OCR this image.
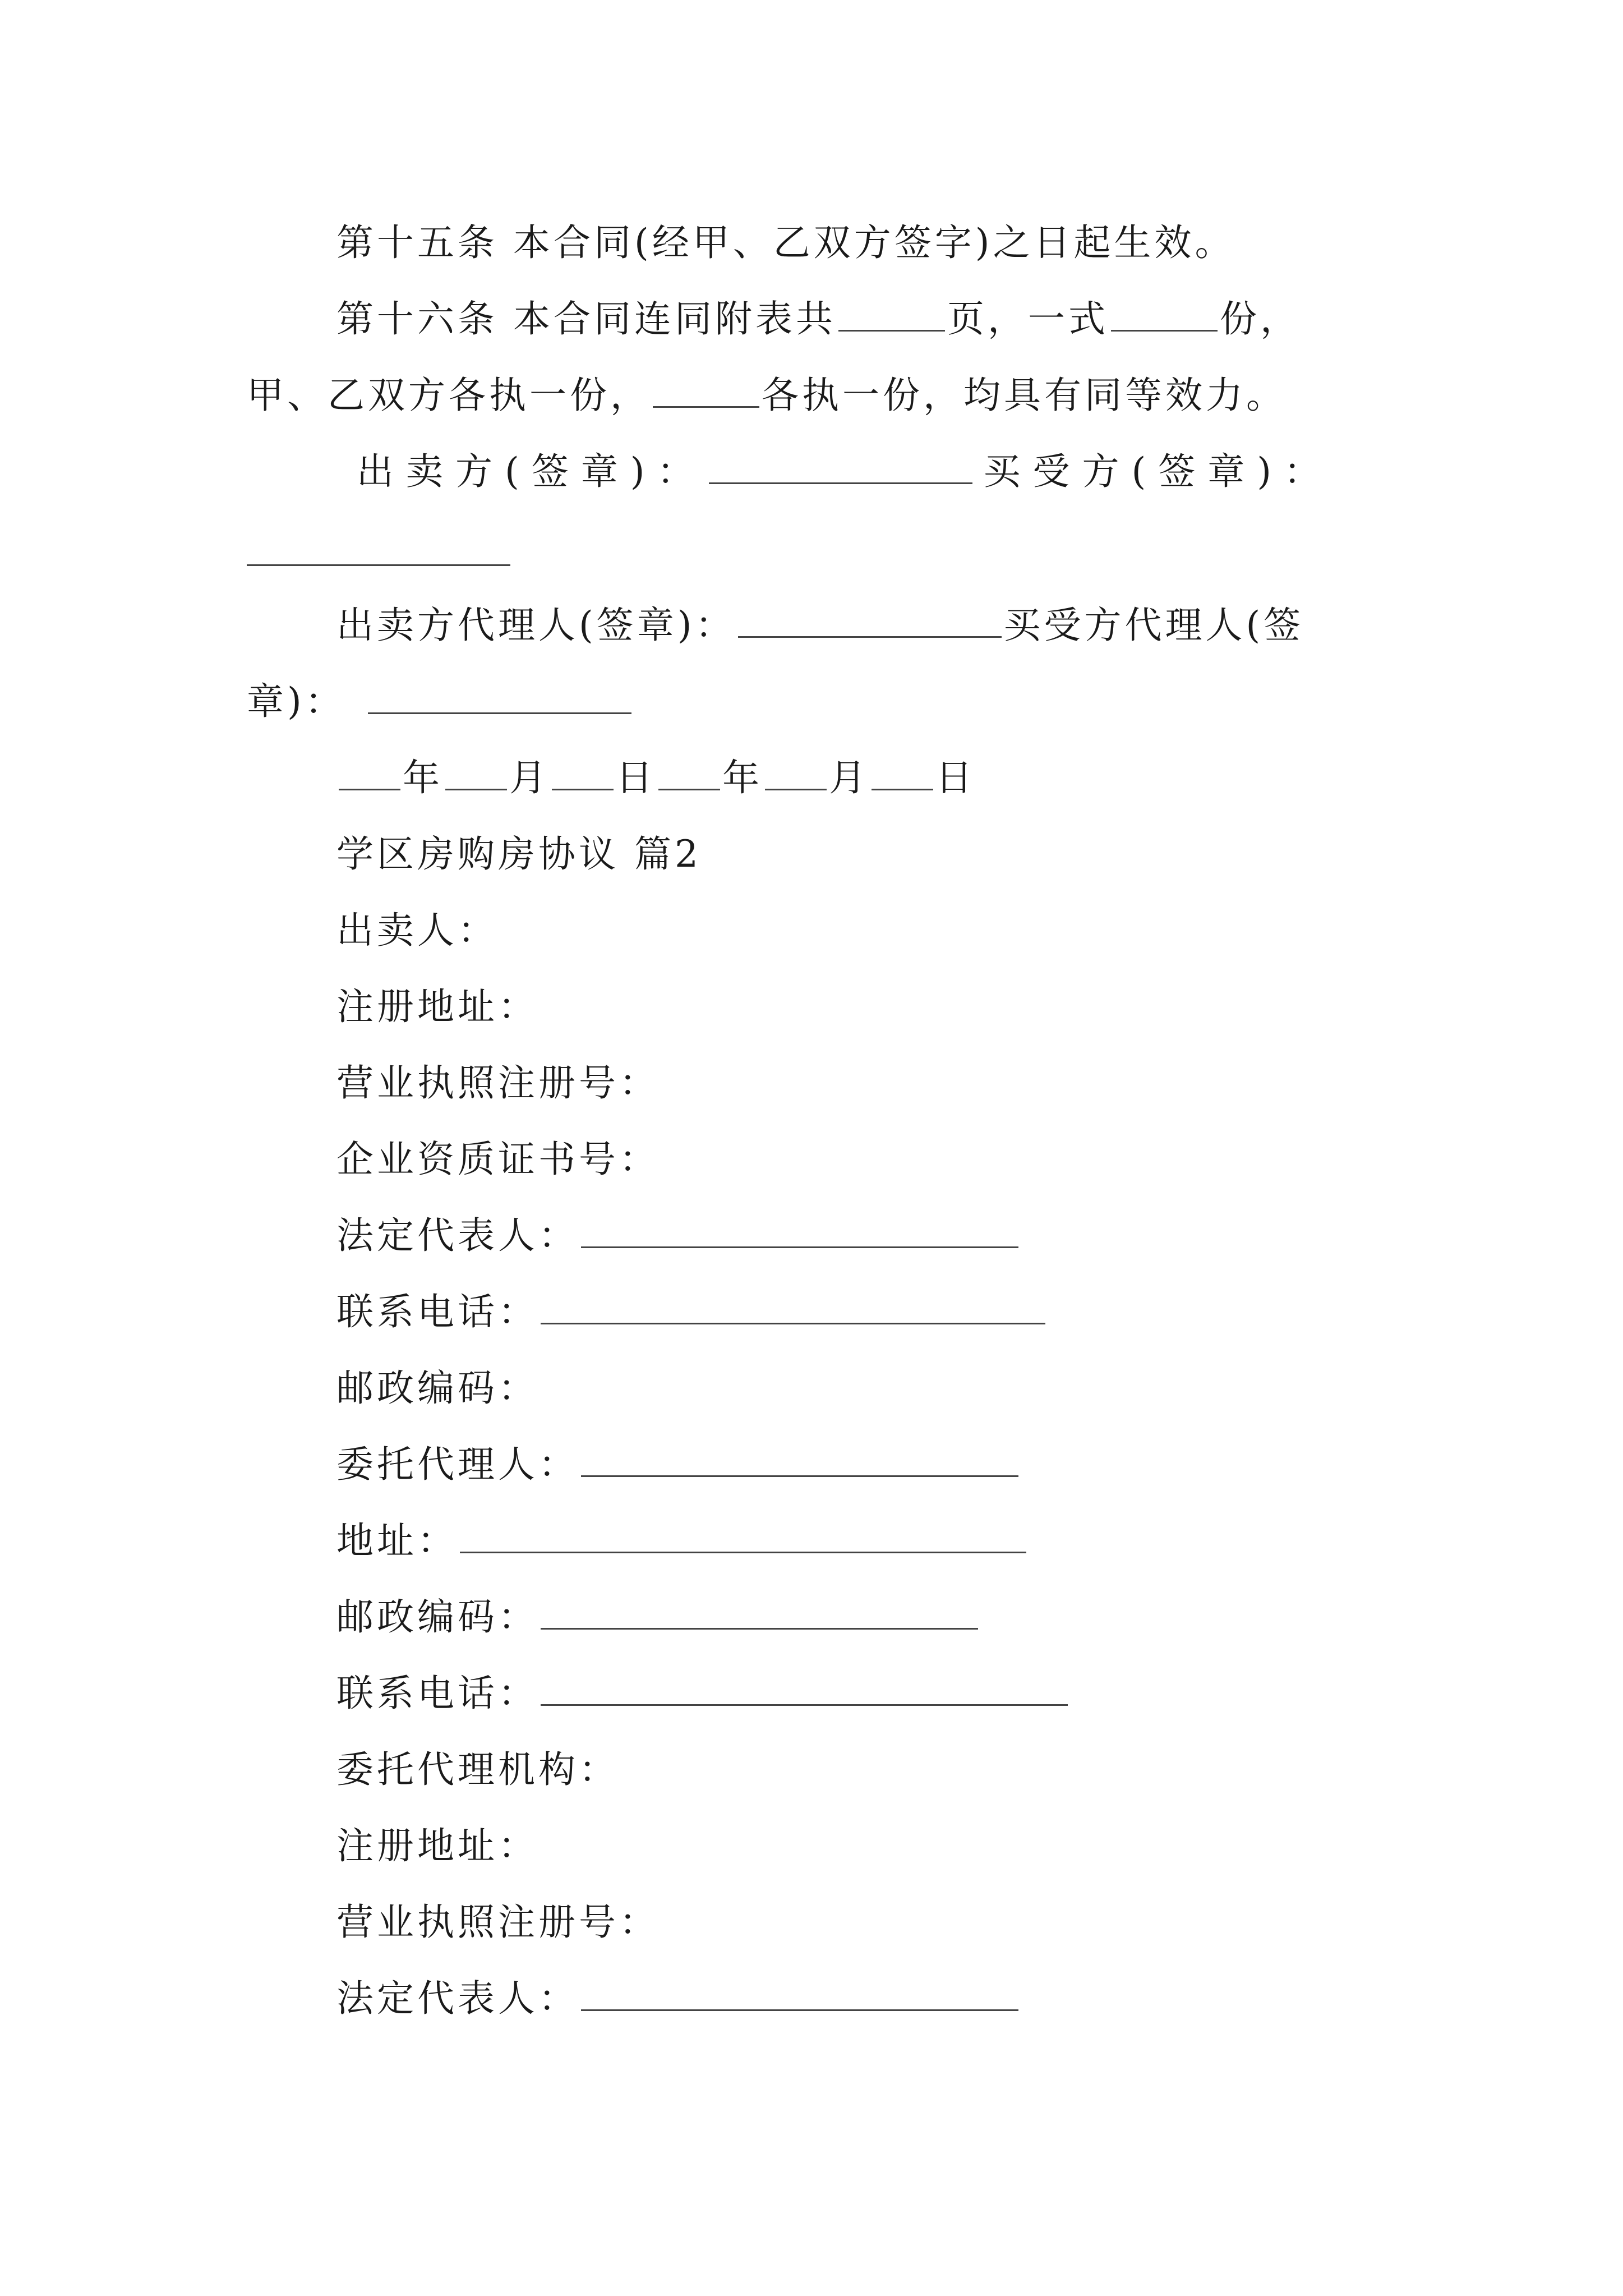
第十五条 本合同(经甲、乙双方签字)之日起生效。
第十六条 本合同连同附表共	页，一式	份，
甲、乙双方各执一份，	各执一份，均具有同等效力。
出卖方(签章)：	买受方(签章)：
出卖方代理人(签章)：	买受方代理人(签
章)：
年 月 日 年 月 日
学区房购房协议 篇2
出卖人：
注册地址：
营业执照注册号：
企业资质证书号：
法定代表人：
联系电话：
邮政编码：
委托代理人：
地址：
邮政编码：
联系电话：
委托代理机构：
注册地址：
营业执照注册号：
法定代表人：
